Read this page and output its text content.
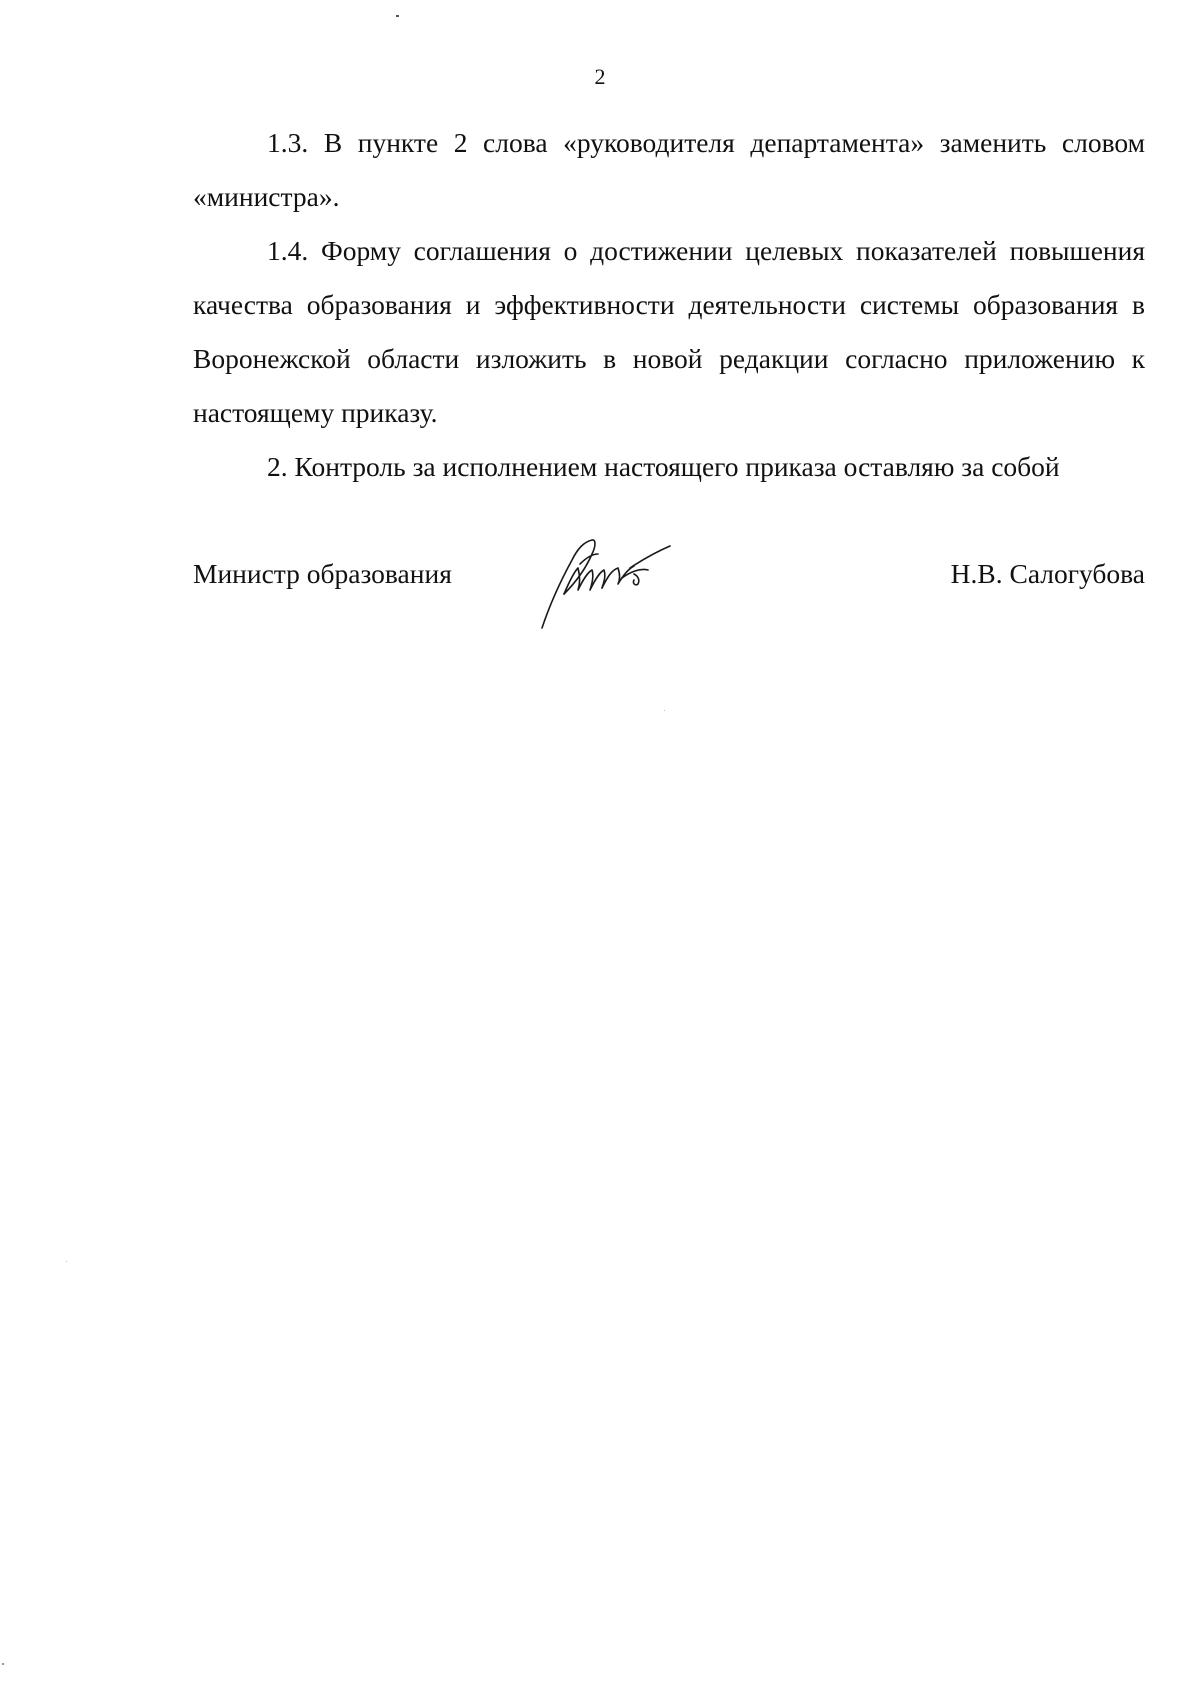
2

1.3. В пункте 2 слова «руководителя департамента» заменить словом «министра».

1.4. Форму соглашения о достижении целевых показателей повышения качества образования и эффективности деятельности системы образования в Воронежской области изложить в новой редакции согласно приложению к настоящему приказу.

2. Контроль за исполнением настоящего приказа оставляю за собой

Министр образования	Н.В. Салогубова
